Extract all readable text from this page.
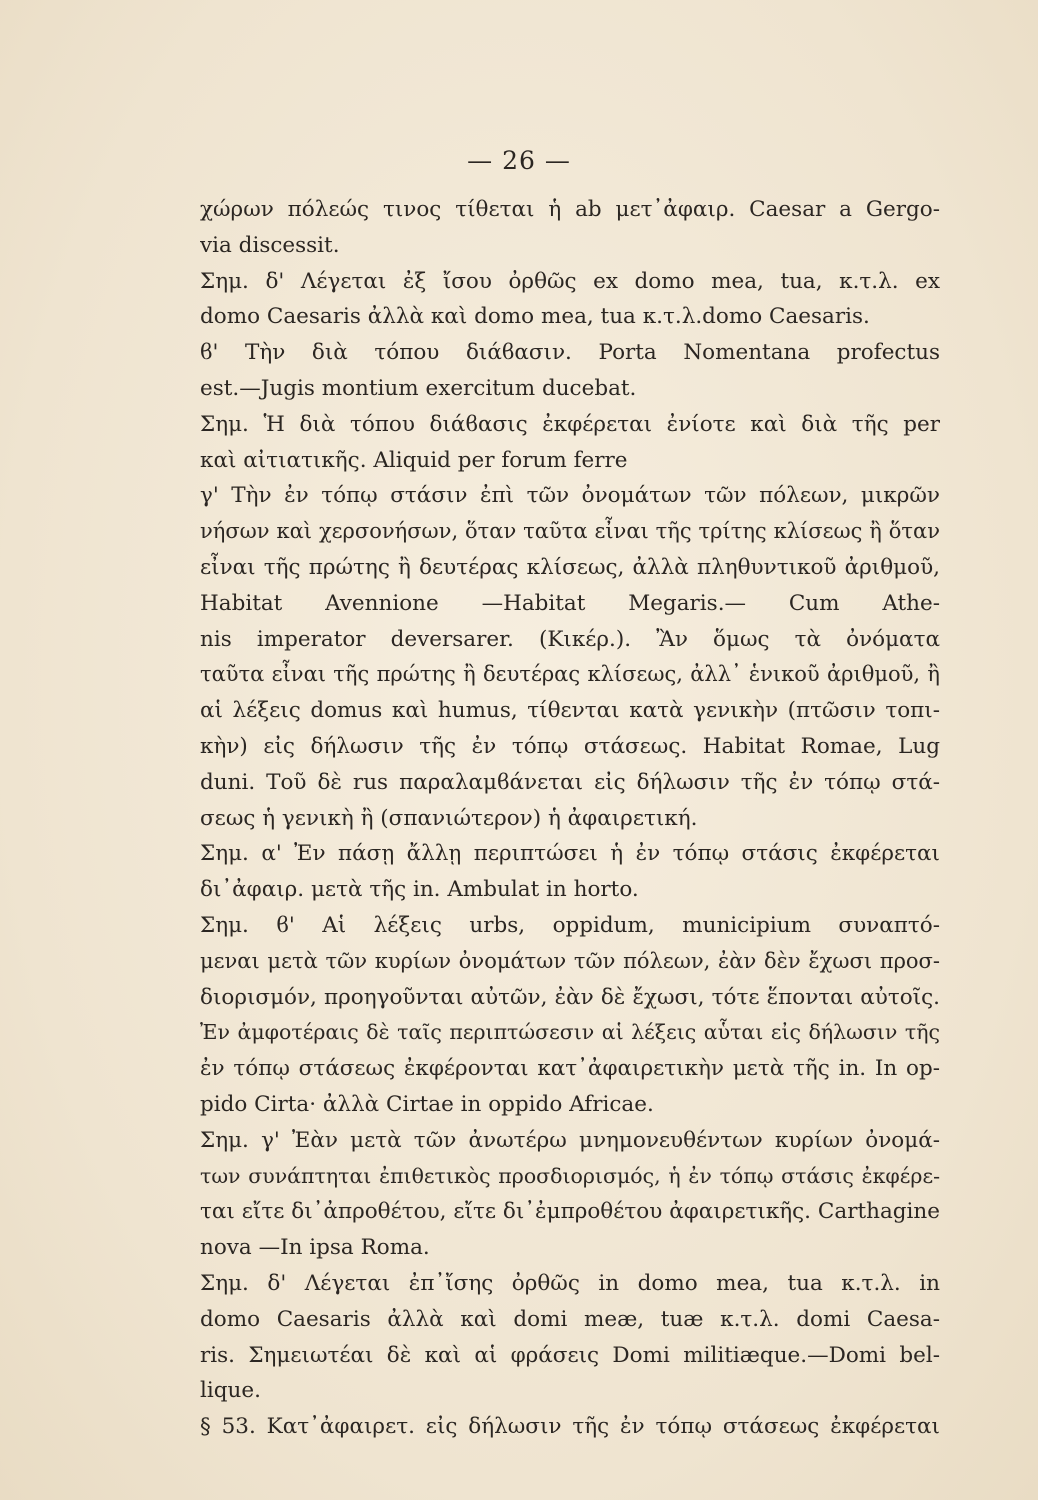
— 26 —
χώρων πόλεώς τινος τίθεται ἡ ab μετ᾽ἀφαιρ. Caesar a Gergo-
via discessit.
Σημ. δ' Λέγεται ἐξ ἴσου ὀρθῶς ex domo mea, tua, κ.τ.λ. ex
domo Caesaris ἀλλὰ καὶ domo mea, tua κ.τ.λ.domo Caesaris.
ϐ' Τὴν διὰ τόπου διάϐασιν. Porta Nomentana profectus
est.—Jugis montium exercitum ducebat.
Σημ. Ἡ διὰ τόπου διάϐασις ἐκφέρεται ἐνίοτε καὶ διὰ τῆς per
καὶ αἰτιατικῆς. Aliquid per forum ferre
γ' Τὴν ἐν τόπῳ στάσιν ἐπὶ τῶν ὀνομάτων τῶν πόλεων, μικρῶν
νήσων καὶ χερσονήσων, ὅταν ταῦτα εἶναι τῆς τρίτης κλίσεως ἢ ὅταν
εἶναι τῆς πρώτης ἢ δευτέρας κλίσεως, ἀλλὰ πληθυντικοῦ ἀριθμοῦ,
Habitat Avennione —Habitat Megaris.— Cum Athe-
nis imperator deversarer. (Κικέρ.). Ἂν ὅμως τὰ ὀνόματα
ταῦτα εἶναι τῆς πρώτης ἢ δευτέρας κλίσεως, ἀλλ᾽ ἑνικοῦ ἀριθμοῦ, ἢ
αἱ λέξεις domus καὶ humus, τίθενται κατὰ γενικὴν (πτῶσιν τοπι-
κὴν) εἰς δήλωσιν τῆς ἐν τόπῳ στάσεως. Habitat Romae, Lug
duni. Τοῦ δὲ rus παραλαμϐάνεται εἰς δήλωσιν τῆς ἐν τόπῳ στά-
σεως ἡ γενικὴ ἢ (σπανιώτερον) ἡ ἀφαιρετική.
Σημ. α' Ἐν πάσῃ ἄλλῃ περιπτώσει ἡ ἐν τόπῳ στάσις ἐκφέρεται
δι᾽ἀφαιρ. μετὰ τῆς in. Ambulat in horto.
Σημ. ϐ' Αἱ λέξεις urbs, oppidum, municipium συναπτό-
μεναι μετὰ τῶν κυρίων ὀνομάτων τῶν πόλεων, ἐὰν δὲν ἔχωσι προσ-
διορισμόν, προηγοῦνται αὐτῶν, ἐὰν δὲ ἔχωσι, τότε ἕπονται αὐτοῖς.
Ἐν ἀμφοτέραις δὲ ταῖς περιπτώσεσιν αἱ λέξεις αὗται εἰς δήλωσιν τῆς
ἐν τόπῳ στάσεως ἐκφέρονται κατ᾽ἀφαιρετικὴν μετὰ τῆς in. In op-
pido Cirta· ἀλλὰ Cirtae in oppido Africae.
Σημ. γ' Ἐὰν μετὰ τῶν ἀνωτέρω μνημονευθέντων κυρίων ὀνομά-
των συνάπτηται ἐπιθετικὸς προσδιορισμός, ἡ ἐν τόπῳ στάσις ἐκφέρε-
ται εἴτε δι᾽ἀπροθέτου, εἴτε δι᾽ἐμπροθέτου ἀφαιρετικῆς. Carthagine
nova —In ipsa Roma.
Σημ. δ' Λέγεται ἐπ᾽ἴσης ὀρθῶς in domo mea, tua κ.τ.λ. in
domo Caesaris ἀλλὰ καὶ domi meæ, tuæ κ.τ.λ. domi Caesa-
ris. Σημειωτέαι δὲ καὶ αἱ φράσεις Domi militiæque.—Domi bel-
lique.
§ 53. Κατ᾽ἀφαιρετ. εἰς δήλωσιν τῆς ἐν τόπῳ στάσεως ἐκφέρεται
